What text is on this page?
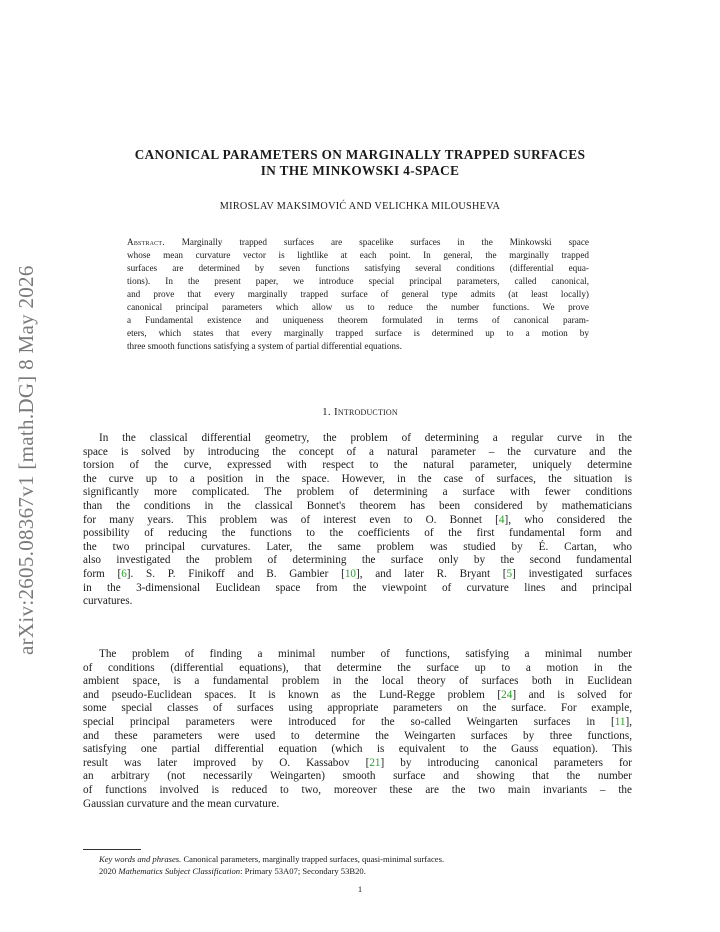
arXiv:2605.08367v1 [math.DG] 8 May 2026
CANONICAL PARAMETERS ON MARGINALLY TRAPPED SURFACES
IN THE MINKOWSKI 4-SPACE
MIROSLAV MAKSIMOVIĆ AND VELICHKA MILOUSHEVA
Abstract. Marginally trapped surfaces are spacelike surfaces in the Minkowski space
whose mean curvature vector is lightlike at each point. In general, the marginally trapped
surfaces are determined by seven functions satisfying several conditions (differential equa-
tions). In the present paper, we introduce special principal parameters, called canonical,
and prove that every marginally trapped surface of general type admits (at least locally)
canonical principal parameters which allow us to reduce the number functions. We prove
a Fundamental existence and uniqueness theorem formulated in terms of canonical param-
eters, which states that every marginally trapped surface is determined up to a motion by
three smooth functions satisfying a system of partial differential equations.
1. Introduction
In the classical differential geometry, the problem of determining a regular curve in the
space is solved by introducing the concept of a natural parameter – the curvature and the
torsion of the curve, expressed with respect to the natural parameter, uniquely determine
the curve up to a position in the space. However, in the case of surfaces, the situation is
significantly more complicated. The problem of determining a surface with fewer conditions
than the conditions in the classical Bonnet's theorem has been considered by mathematicians
for many years. This problem was of interest even to O. Bonnet [4], who considered the
possibility of reducing the functions to the coefficients of the first fundamental form and
the two principal curvatures. Later, the same problem was studied by É. Cartan, who
also investigated the problem of determining the surface only by the second fundamental
form [6]. S. P. Finikoff and B. Gambier [10], and later R. Bryant [5] investigated surfaces
in the 3-dimensional Euclidean space from the viewpoint of curvature lines and principal
curvatures.
The problem of finding a minimal number of functions, satisfying a minimal number
of conditions (differential equations), that determine the surface up to a motion in the
ambient space, is a fundamental problem in the local theory of surfaces both in Euclidean
and pseudo-Euclidean spaces. It is known as the Lund-Regge problem [24] and is solved for
some special classes of surfaces using appropriate parameters on the surface. For example,
special principal parameters were introduced for the so-called Weingarten surfaces in [11],
and these parameters were used to determine the Weingarten surfaces by three functions,
satisfying one partial differential equation (which is equivalent to the Gauss equation). This
result was later improved by O. Kassabov [21] by introducing canonical parameters for
an arbitrary (not necessarily Weingarten) smooth surface and showing that the number
of functions involved is reduced to two, moreover these are the two main invariants – the
Gaussian curvature and the mean curvature.
Key words and phrases. Canonical parameters, marginally trapped surfaces, quasi-minimal surfaces.
2020 Mathematics Subject Classification: Primary 53A07; Secondary 53B20.
1
